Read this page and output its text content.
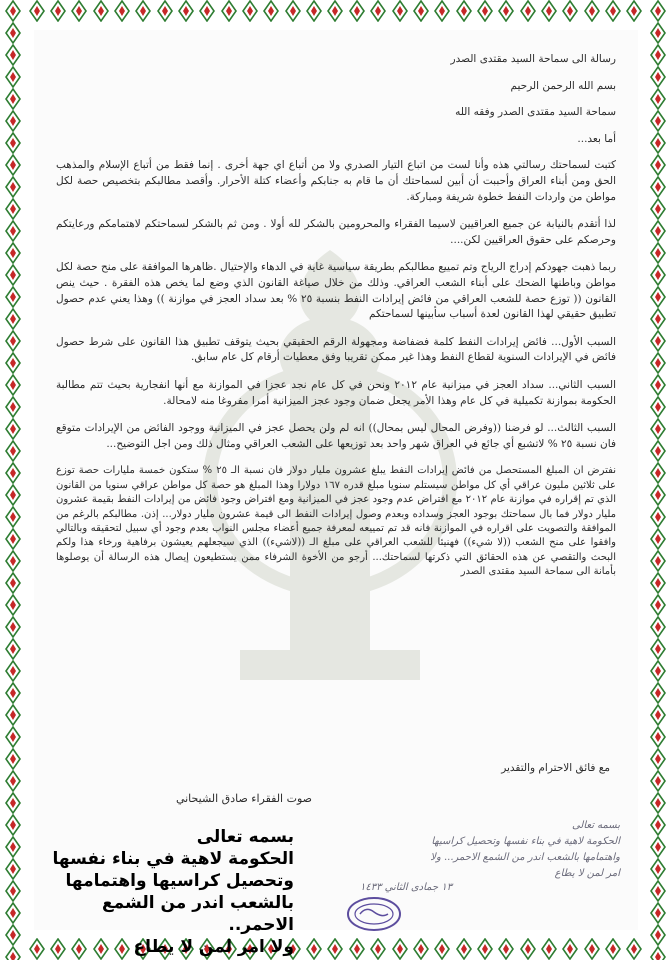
رسالة الى سماحة السيد مقتدى الصدر
بسم الله الرحمن الرحيم
سماحة السيد مقتدى الصدر وفقه الله
أما بعد...

كتبت لسماحتك رسالتي هذه وأنا لست من اتباع التيار الصدري ولا من أتباع اي جهة أخرى . إنما فقط من أتباع الإسلام والمذهب الحق ومن أبناء العراق وأحببت أن أبين لسماحتك أن ما قام به جنابكم وأعضاء كتلة الأحرار. وأقصد مطالبكم بتخصيص حصة لكل مواطن من واردات النفط خطوة شريفة ومباركة.

لذا أتقدم بالنيابة عن جميع العراقيين لاسيما الفقراء والمحرومين بالشكر لله أولا . ومن ثم بالشكر لسماحتكم لاهتمامكم ورعايتكم وحرصكم على حقوق العراقيين لكن....

ربما ذهبت جهودكم إدراج الرياح وتم تمييع مطالبكم بطريقة سياسية غاية في الدهاء والإحتيال .ظاهرها الموافقة على منح حصة لكل مواطن وباطنها الضحك على أبناء الشعب العراقي. وذلك من خلال صياغة القانون الذي وضع لما يخص هذه الفقرة . حيث ينص القانون (( توزع حصة للشعب العراقي من فائض إيرادات النفط بنسبة ٢٥ % بعد سداد العجز في موازنة )) وهذا يعني عدم حصول تطبيق حقيقي لهذا القانون لعدة أسباب سأبينها لسماحتكم

السبب الأول... فائض إيرادات النفط كلمة فضفاضة ومجهولة الرقم الحقيقي بحيث يتوقف تطبيق هذا القانون على شرط حصول فائض في الإيرادات السنوية لقطاع النفط وهذا غير ممكن تقريبا وفق معطيات أرقام كل عام سابق.

السبب الثاني... سداد العجز في ميزانية عام ٢٠١٢ ونحن في كل عام نجد عجزا في الموازنة مع أنها انفجارية بحيث تتم مطالبة الحكومة بموازنة تكميلية في كل عام وهذا الأمر يجعل ضمان وجود عجز الميزانية أمرا مفروغا منه لامحالة.

السبب الثالث... لو فرضنا ((وفرض المحال ليس بمحال)) انه لم ولن يحصل عجز في الميزانية ووجود الفائض من الإيرادات متوقع فان نسبة ٢٥ % لاتشبع أي جائع في العراق شهر واحد بعد توزيعها على الشعب العراقي ومثال ذلك ومن اجل التوضيح...

نفترض ان المبلغ المستحصل من فائض إيرادات النفط يبلغ عشرون مليار دولار فان نسبة الـ ٢٥ % ستكون خمسة مليارات حصة توزع على ثلاثين مليون عراقي أي كل مواطن سيستلم سنويا مبلغ قدره ١٦٧ دولارا وهذا المبلغ هو حصة كل مواطن عراقي سنويا من القانون الذي تم إقراره في موازنة عام ٢٠١٢ مع افتراض عدم وجود عجز في الميزانية ومع افتراض وجود فائض من إيرادات النفط بقيمة عشرون مليار دولار فما بال سماحتك بوجود العجز وسداده وبعدم وصول إيرادات النفط الى قيمة عشرون مليار دولار... إذن. مطالبكم بالرغم من الموافقة والتصويت على اقراره في الموازنة فانه قد تم تمييعه لمعرفة جميع أعضاء مجلس النواب بعدم وجود أي سبيل لتحقيقه وبالتالي وافقوا على منح الشعب ((لا شيء)) فهنيئا للشعب العراقي على مبلغ الـ ((لاشيء)) الذي سيجعلهم يعيشون برفاهية ورخاء هذا ولكم البحث والتقصي عن هذه الحقائق التي ذكرتها لسماحتك... أرجو من الأخوة الشرفاء ممن يستطيعون إيصال هذه الرسالة أن يوصلوها بأمانة الى سماحة السيد مقتدى الصدر

مع فائق الاحترام والتقدير
صوت الفقراء صادق الشيحاني
بسمه تعالى
الحكومة لاهية في بناء نفسها وتحصيل كراسيها
واهتمامها بالشعب اندر من الشمع الاحمر... ولا
امر لمن لا يطاع
١٣ جمادى الثاني ١٤٣٣
بسمه تعالى
الحكومة لاهية في بناء نفسها
وتحصيل كراسيها واهتمامها
بالشعب اندر من الشمع الاحمر..
ولا امر لمن لا يطاع
